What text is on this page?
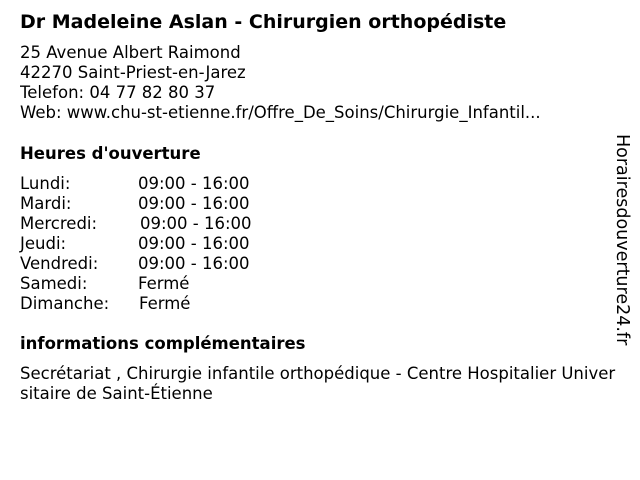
Dr Madeleine Aslan - Chirurgien orthopédiste
25 Avenue Albert Raimond
42270 Saint-Priest-en-Jarez
Telefon: 04 77 82 80 37
Web: www.chu-st-etienne.fr/Offre_De_Soins/Chirurgie_Infantil...
Heures d'ouverture
Lundi:	09:00 - 16:00
Mardi:	09:00 - 16:00
Mercredi:	09:00 - 16:00
Jeudi:	09:00 - 16:00
Vendredi: 09:00 - 16:00
Samedi:	Fermé
Dimanche: Fermé
informations complémentaires
Secrétariat , Chirurgie infantile orthopédique - Centre Hospitalier Universitaire de Saint-Étienne
Horairesdouverture24.fr
